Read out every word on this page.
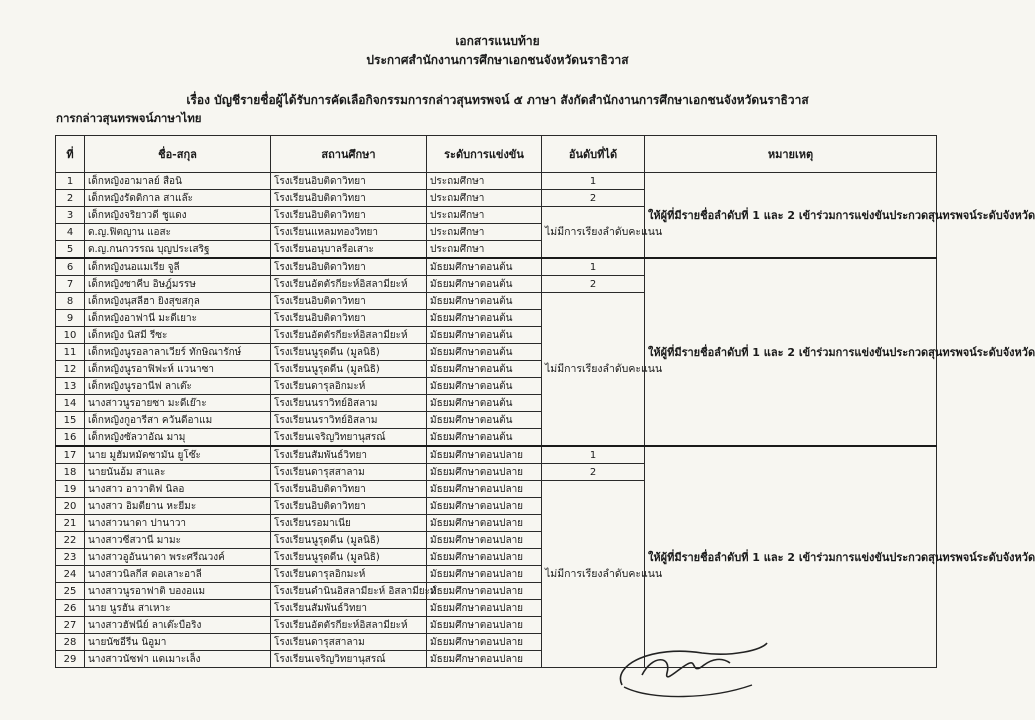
เอกสารแนบท้าย
ประกาศสำนักงานการศึกษาเอกชนจังหวัดนราธิวาส
เรื่อง บัญชีรายชื่อผู้ได้รับการคัดเลือกิจกรรมการกล่าวสุนทรพจน์ ๕ ภาษา สังกัดสำนักงานการศึกษาเอกชนจังหวัดนราธิวาส
การกล่าวสุนทรพจน์ภาษาไทย
ที่	ชื่อ-สกุล	สถานศึกษา	ระดับการแข่งขัน	อันดับที่ได้	หมายเหตุ
1	เด็กหญิงอามาลย์ สือนิ	โรงเรียนอิบติดาวิทยา	ประถมศึกษา	1	ให้ผู้ที่มีรายชื่อลำดับที่ 1 และ 2 เข้าร่วมการแข่งขันประกวดสุนทรพจน์ระดับจังหวัด
2	เด็กหญิงรัดดิกาล สาแล๊ะ	โรงเรียนอิบติดาวิทยา	ประถมศึกษา	2	
3	เด็กหญิงจริยาวดี ชูแดง	โรงเรียนอิบติดาวิทยา	ประถมศึกษา	ไม่มีการเรียงลำดับคะแนน	
4	ด.ญ.ฟิตญาน แอสะ	โรงเรียนแหลมทองวิทยา	ประถมศึกษา		
5	ด.ญ.กนกวรรณ บุญประเสริฐ	โรงเรียนอนุบาลรือเสาะ	ประถมศึกษา		
6	เด็กหญิงนอแมเรีย จูลี	โรงเรียนอิบติดาวิทยา	มัธยมศึกษาตอนต้น	1	ให้ผู้ที่มีรายชื่อลำดับที่ 1 และ 2 เข้าร่วมการแข่งขันประกวดสุนทรพจน์ระดับจังหวัด
7	เด็กหญิงซาคีบ อิษฎ์มรรษ	โรงเรียนอัตตัรกียะห์อิสลามียะห์	มัธยมศึกษาตอนต้น	2	
8	เด็กหญิงนุสลีฮา ยิงสุขสกุล	โรงเรียนอิบติดาวิทยา	มัธยมศึกษาตอนต้น	ไม่มีการเรียงลำดับคะแนน	
9	เด็กหญิงอาฟานี มะดีเยาะ	โรงเรียนอิบติดาวิทยา	มัธยมศึกษาตอนต้น		
10	เด็กหญิง นิสมี รีซะ	โรงเรียนอัตตัรกียะห์อิสลามียะห์	มัธยมศึกษาตอนต้น		
11	เด็กหญิงนูรอลาลาเวียร์ ทักษิณารักษ์	โรงเรียนนูรุดดีน (มูลนิธิ)	มัธยมศึกษาตอนต้น		
12	เด็กหญิงนูรอาฟิฟะห์ แวนาซา	โรงเรียนนูรุดดีน (มูลนิธิ)	มัธยมศึกษาตอนต้น		
13	เด็กหญิงนูรอานีฟ ลาเต๊ะ	โรงเรียนดารุลอิกมะห์	มัธยมศึกษาตอนต้น		
14	นางสาวนูรอายซา มะดีเย๊าะ	โรงเรียนนราวิทย์อิสลาม	มัธยมศึกษาตอนต้น		
15	เด็กหญิงกูอารีสา ควันดีอาแม	โรงเรียนนราวิทย์อิสลาม	มัธยมศึกษาตอนต้น		
16	เด็กหญิงซัลวาอัณ มามุ	โรงเรียนเจริญวิทยานุสรณ์	มัธยมศึกษาตอนต้น		
17	นาย มูฮัมหมัดซามัน ยูโซ๊ะ	โรงเรียนสัมพันธ์วิทยา	มัธยมศึกษาตอนปลาย	1	ให้ผู้ที่มีรายชื่อลำดับที่ 1 และ 2 เข้าร่วมการแข่งขันประกวดสุนทรพจน์ระดับจังหวัด
18	นายนันอ้ม สาและ	โรงเรียนดารุสสาลาม	มัธยมศึกษาตอนปลาย	2	
19	นางสาว อาวาติฟ นิลอ	โรงเรียนอิบติดาวิทยา	มัธยมศึกษาตอนปลาย	ไม่มีการเรียงลำดับคะแนน	
20	นางสาว อิมตียาน หะยีมะ	โรงเรียนอิบติดาวิทยา	มัธยมศึกษาตอนปลาย		
21	นางสาวนาดา ปานาวา	โรงเรียนรอมาเนีย	มัธยมศึกษาตอนปลาย		
22	นางสาวซีสวานี มามะ	โรงเรียนนูรุดดีน (มูลนิธิ)	มัธยมศึกษาตอนปลาย		
23	นางสาวอูอันนาดา พระศรีณวงค์	โรงเรียนนูรุดดีน (มูลนิธิ)	มัธยมศึกษาตอนปลาย		
24	นางสาวนิลกีส ดอเลาะอาลี	โรงเรียนดารุลอิกมะห์	มัธยมศึกษาตอนปลาย		
25	นางสาวนูรอาฟาติ บองอแม	โรงเรียนดำนินอิสลามียะห์ อิสลามียะห์	มัธยมศึกษาตอนปลาย		
26	นาย นูรฮัน สาเหาะ	โรงเรียนสัมพันธ์วิทยา	มัธยมศึกษาตอนปลาย		
27	นางสาวฮัฟนีย์ ลาเต๊ะบือริง	โรงเรียนอัตตัรกียะห์อิสลามียะห์	มัธยมศึกษาตอนปลาย		
28	นายนัซอีรีน นิอูมา	โรงเรียนดารุสสาลาม	มัธยมศึกษาตอนปลาย		
29	นางสาวนัซฟา แดเมาะเล็ง	โรงเรียนเจริญวิทยานุสรณ์	มัธยมศึกษาตอนปลาย		
